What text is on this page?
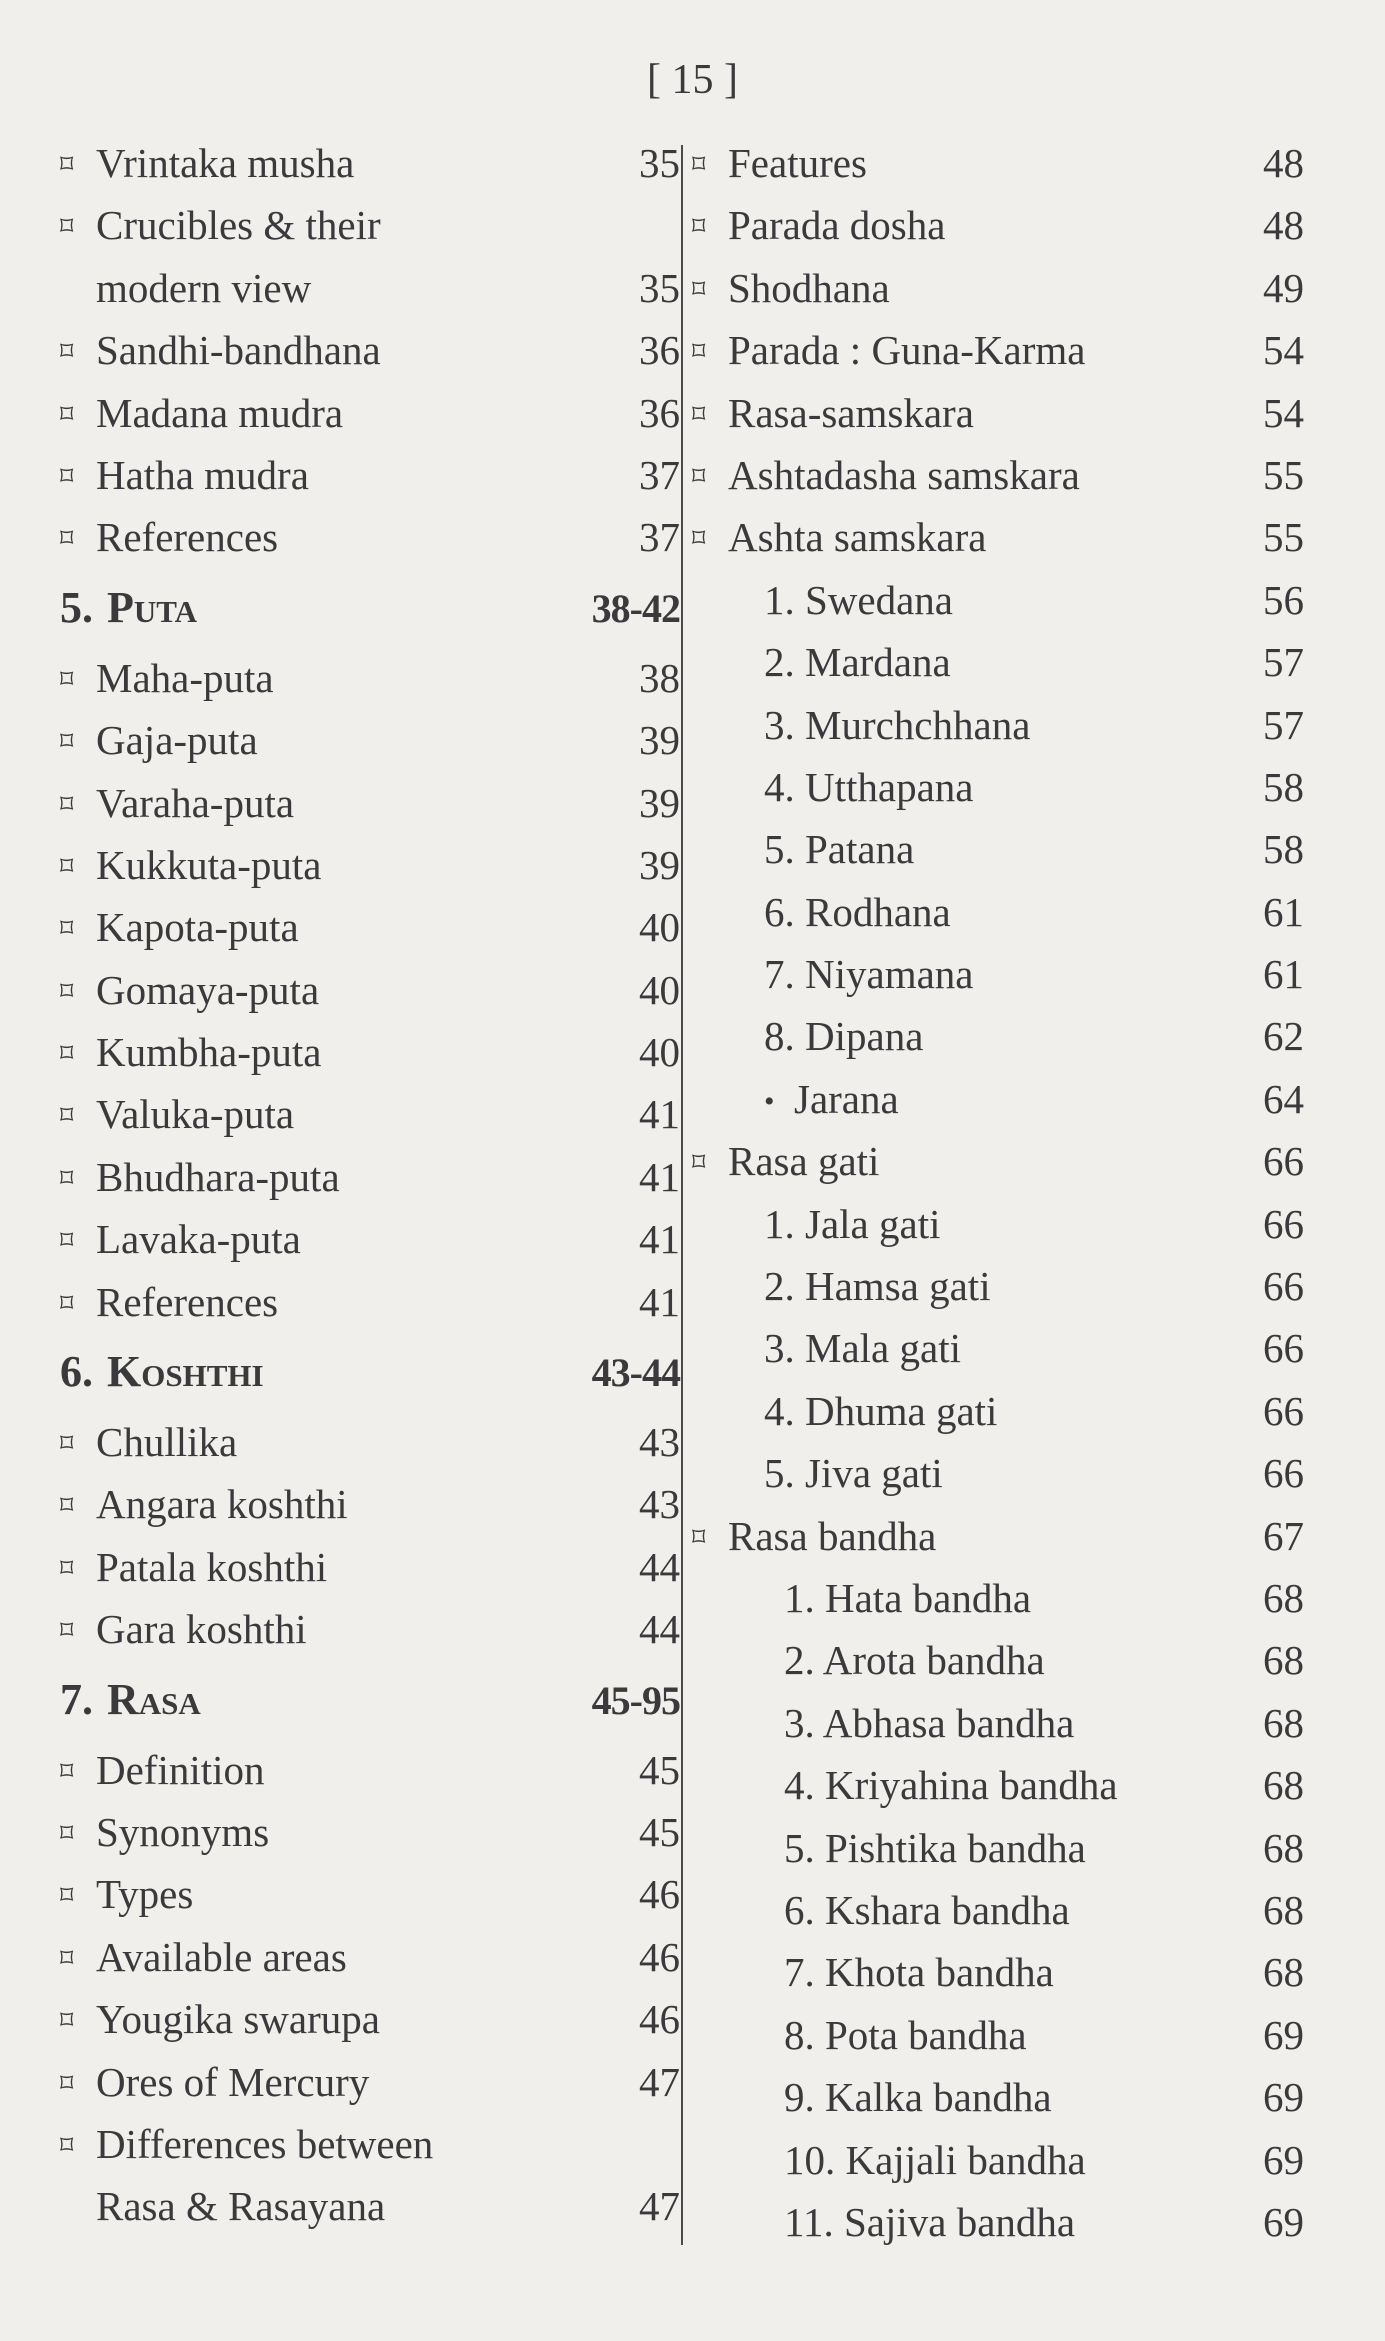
[ 15 ]
⌑ Vrintaka musha	35
⌑ Crucibles & their
modern view	35
⌑ Sandhi-bandhana	36
⌑ Madana mudra	36
⌑ Hatha mudra	37
⌑ References	37
5. Puta	38-42
⌑ Maha-puta	38
⌑ Gaja-puta	39
⌑ Varaha-puta	39
⌑ Kukkuta-puta	39
⌑ Kapota-puta	40
⌑ Gomaya-puta	40
⌑ Kumbha-puta	40
⌑ Valuka-puta	41
⌑ Bhudhara-puta	41
⌑ Lavaka-puta	41
⌑ References	41
6. Koshthi	43-44
⌑ Chullika	43
⌑ Angara koshthi	43
⌑ Patala koshthi	44
⌑ Gara koshthi	44
7. Rasa	45-95
⌑ Definition	45
⌑ Synonyms	45
⌑ Types	46
⌑ Available areas	46
⌑ Yougika swarupa	46
⌑ Ores of Mercury	47
⌑ Differences between
Rasa & Rasayana	47
⌑ Features	48
⌑ Parada dosha	48
⌑ Shodhana	49
⌑ Parada : Guna-Karma	54
⌑ Rasa-samskara	54
⌑ Ashtadasha samskara	55
⌑ Ashta samskara	55
1. Swedana	56
2. Mardana	57
3. Murchchhana	57
4. Utthapana	58
5. Patana	58
6. Rodhana	61
7. Niyamana	61
8. Dipana	62
• Jarana	64
⌑ Rasa gati	66
1. Jala gati	66
2. Hamsa gati	66
3. Mala gati	66
4. Dhuma gati	66
5. Jiva gati	66
⌑ Rasa bandha	67
1. Hata bandha	68
2. Arota bandha	68
3. Abhasa bandha	68
4. Kriyahina bandha	68
5. Pishtika bandha	68
6. Kshara bandha	68
7. Khota bandha	68
8. Pota bandha	69
9. Kalka bandha	69
10. Kajjali bandha	69
11. Sajiva bandha	69
